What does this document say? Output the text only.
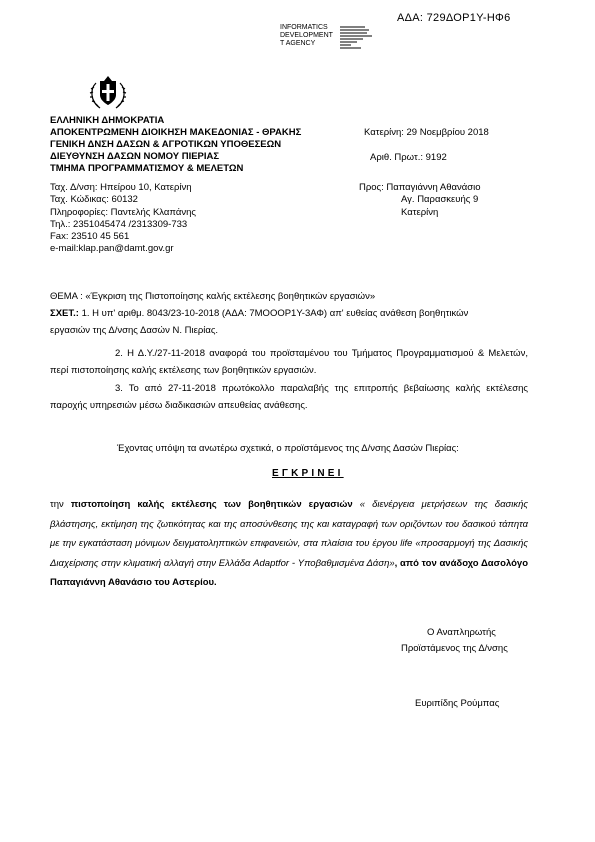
ΑΔΑ: 729ΔΟΡ1Υ-ΗΦ6
INFORMATICS
DEVELOPMENT
T AGENCY
ΕΛΛΗΝΙΚΗ ΔΗΜΟΚΡΑΤΙΑ
ΑΠΟΚΕΝΤΡΩΜΕΝΗ ΔΙΟΙΚΗΣΗ ΜΑΚΕΔΟΝΙΑΣ - ΘΡΑΚΗΣ
ΓΕΝΙΚΗ ΔΝΣΗ ΔΑΣΩΝ & ΑΓΡΟΤΙΚΩΝ ΥΠΟΘΕΣΕΩΝ
ΔΙΕΥΘΥΝΣΗ ΔΑΣΩΝ ΝΟΜΟΥ ΠΙΕΡΙΑΣ
ΤΜΗΜΑ ΠΡΟΓΡΑΜΜΑΤΙΣΜΟΥ & ΜΕΛΕΤΩΝ
Κατερίνη: 29 Νοεμβρίου 2018
Αριθ. Πρωτ.: 9192
Ταχ. Δ/νση: Ηπείρου 10, Κατερίνη
Ταχ. Κώδικας: 60132
Πληροφορίες: Παντελής Κλαπάνης
Τηλ.: 2351045474 /2313309-733
Fax: 23510 45 561
e-mail:klap.pan@damt.gov.gr
Προς: Παπαγιάννη Αθανάσιο
Αγ. Παρασκευής 9
Κατερίνη
ΘΕΜΑ : «Έγκριση της Πιστοποίησης καλής εκτέλεσης βοηθητικών εργασιών»

ΣΧΕΤ.: 1. Η υπ' αριθμ. 8043/23-10-2018 (ΑΔΑ: 7ΜΟΟΟΡ1Υ-3ΑΦ) απ' ευθείας ανάθεση βοηθητικών

εργασιών της Δ/νσης Δασών Ν. Πιερίας.

2. Η Δ.Υ./27-11-2018 αναφορά του προϊσταμένου του Τμήματος Προγραμματισμού & Μελετών, περί πιστοποίησης καλής εκτέλεσης των βοηθητικών εργασιών.

3. Το από 27-11-2018 πρωτόκολλο παραλαβής της επιτροπής βεβαίωσης καλής εκτέλεσης παροχής υπηρεσιών μέσω διαδικασιών απευθείας ανάθεσης.

Έχοντας υπόψη τα ανωτέρω σχετικά, ο προϊστάμενος της Δ/νσης Δασών Πιερίας:
ΕΓΚΡΙΝΕΙ
την πιστοποίηση καλής εκτέλεσης των βοηθητικών εργασιών « διενέργεια μετρήσεων της δασικής βλάστησης, εκτίμηση της ζωτικότητας και της αποσύνθεσης της και καταγραφή των οριζόντων του δασικού τάπητα με την εγκατάσταση μόνιμων δειγματοληπτικών επιφανειών, στα πλαίσια του έργου life «προσαρμογή της Δασικής Διαχείρισης στην κλιματική αλλαγή στην Ελλάδα Adaptfor - Υποβαθμισμένα Δάση», από τον ανάδοχο Δασολόγο Παπαγιάννη Αθανάσιο του Αστερίου.
Ο Αναπληρωτής
Προϊστάμενος της Δ/νσης
Ευριπίδης Ρούμπας
